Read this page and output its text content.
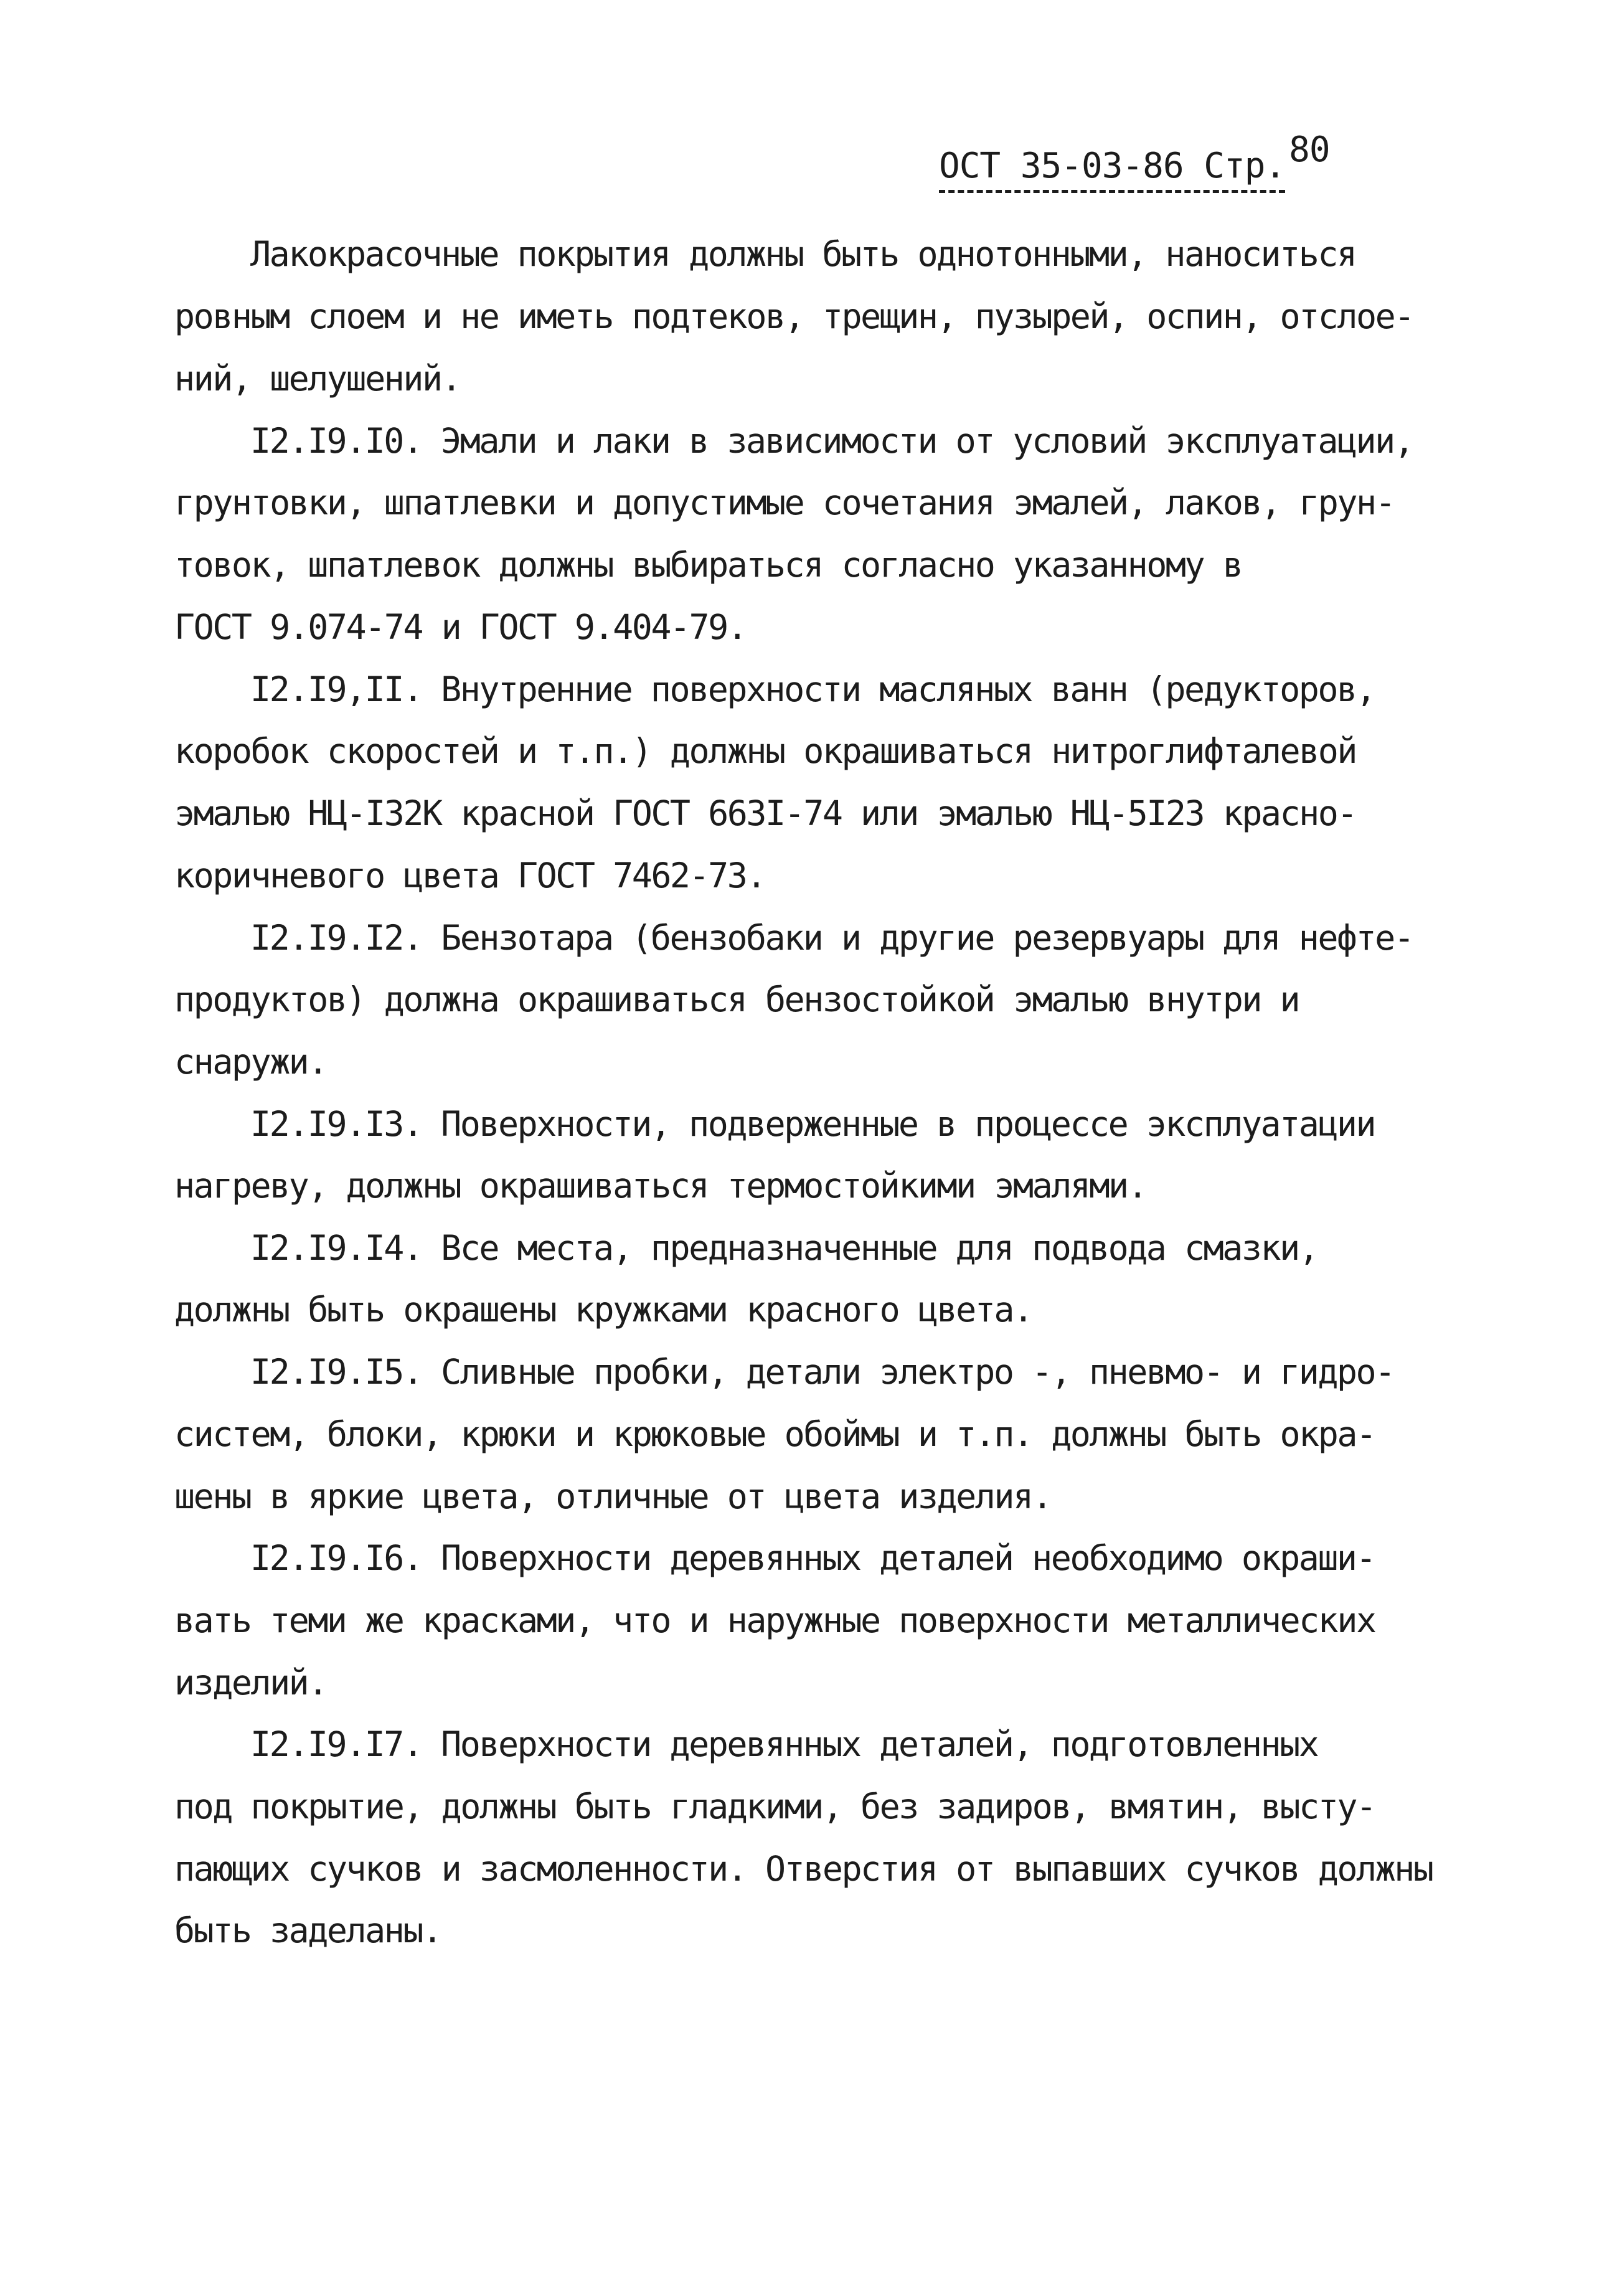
ОСТ 35-03-86 Стр. 80
Лакокрасочные покрытия должны быть однотонными, наноситься
ровным слоем и не иметь подтеков, трещин, пузырей, оспин, отслое-
ний, шелушений.
I2.I9.I0. Эмали и лаки в зависимости от условий эксплуатации,
грунтовки, шпатлевки и допустимые сочетания эмалей, лаков, грун-
товок, шпатлевок должны выбираться согласно указанному в
ГОСТ 9.074-74 и ГОСТ 9.404-79.
I2.I9,II. Внутренние поверхности масляных ванн (редукторов,
коробок скоростей и т.п.) должны окрашиваться нитроглифталевой
эмалью НЦ-I32К красной ГОСТ 663I-74 или эмалью НЦ-5I23 красно-
коричневого цвета ГОСТ 7462-73.
I2.I9.I2. Бензотара (бензобаки и другие резервуары для нефте-
продуктов) должна окрашиваться бензостойкой эмалью внутри и
снаружи.
I2.I9.I3. Поверхности, подверженные в процессе эксплуатации
нагреву, должны окрашиваться термостойкими эмалями.
I2.I9.I4. Все места, предназначенные для подвода смазки,
должны быть окрашены кружками красного цвета.
I2.I9.I5. Сливные пробки, детали электро -, пневмо- и гидро-
систем, блоки, крюки и крюковые обоймы и т.п. должны быть окра-
шены в яркие цвета, отличные от цвета изделия.
I2.I9.I6. Поверхности деревянных деталей необходимо окраши-
вать теми же красками, что и наружные поверхности металлических
изделий.
I2.I9.I7. Поверхности деревянных деталей, подготовленных
под покрытие, должны быть гладкими, без задиров, вмятин, высту-
пающих сучков и засмоленности. Отверстия от выпавших сучков должны
быть заделаны.
